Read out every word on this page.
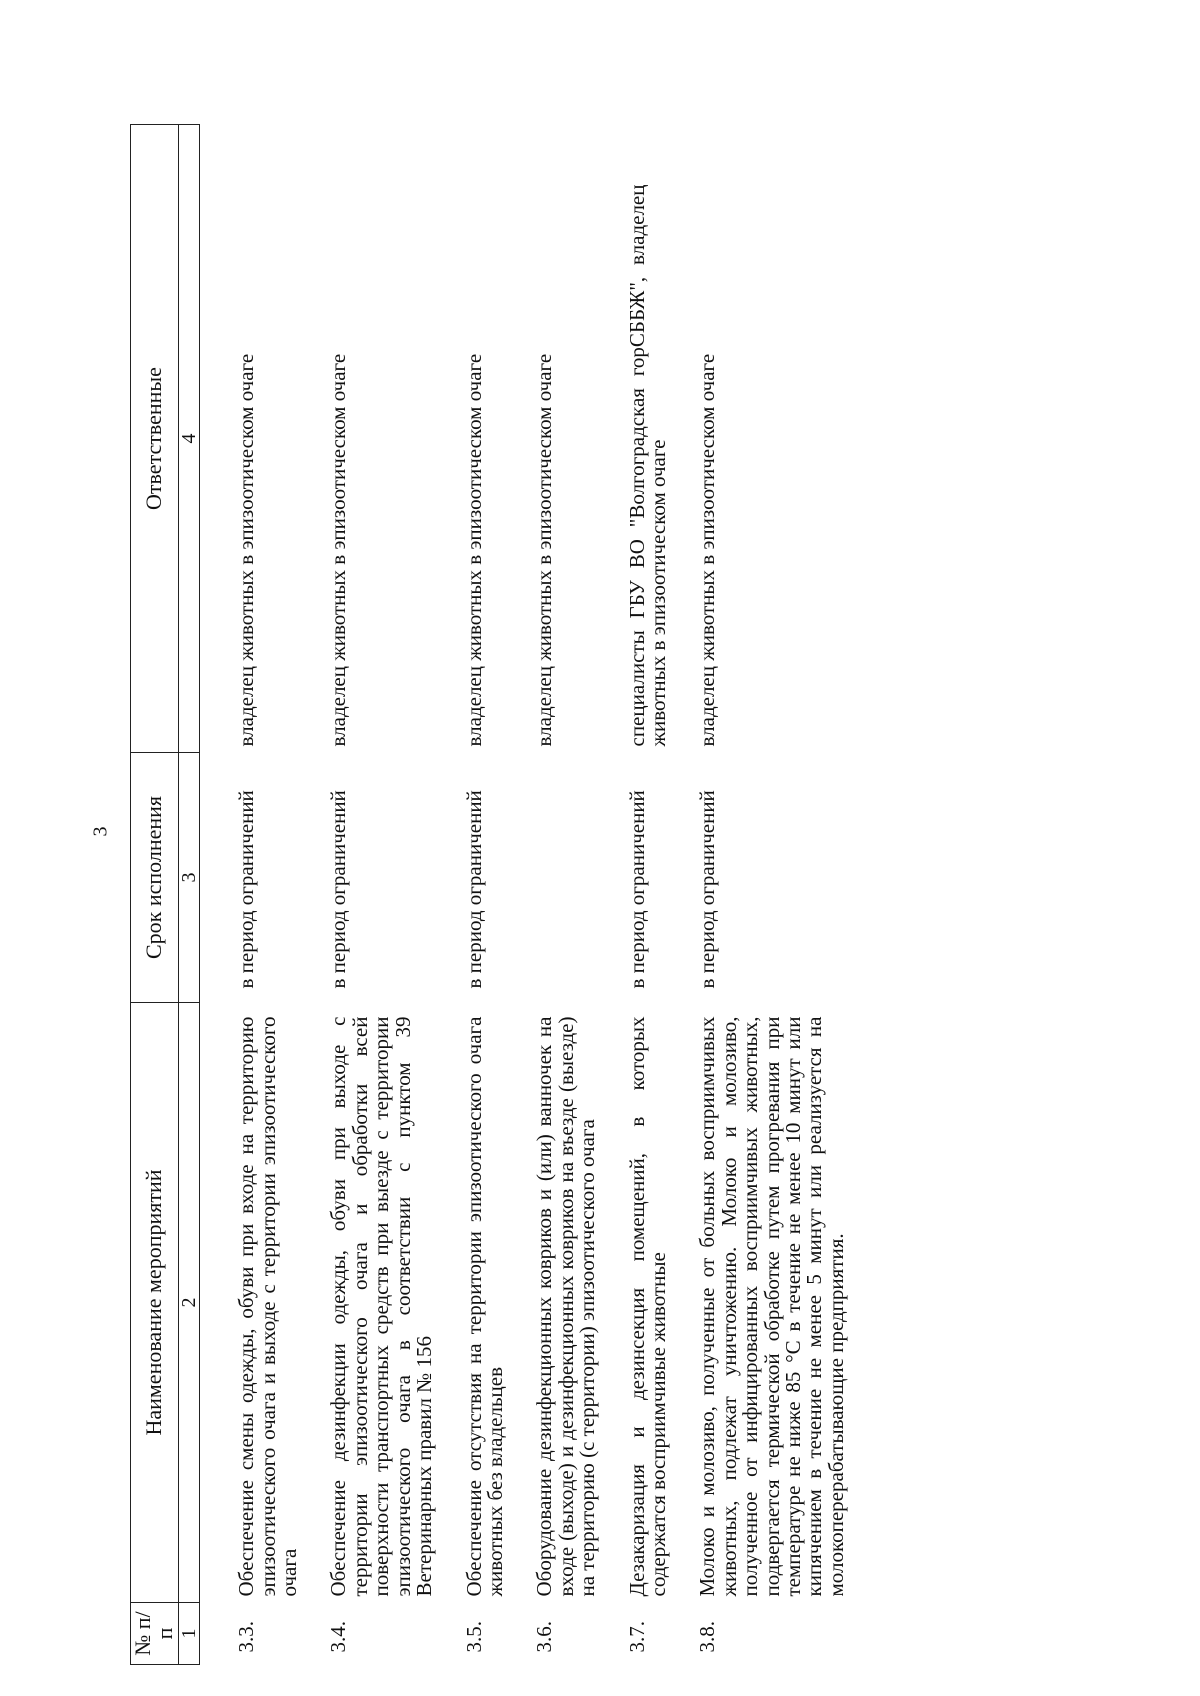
3
№ п/п	Наименование мероприятий	Срок исполнения	Ответственные
1	2	3	4
3.3.	Обеспечение смены одежды, обуви при входе на территорию эпизоотического очага и выходе с территории эпизоотического очага	в период ограничений	владелец животных в эпизоотическом очаге
3.4.	Обеспечение дезинфекции одежды, обуви при выходе с территории эпизоотического очага и обработки всей поверхности транспортных средств при выезде с территории эпизоотического очага в соответствии с пунктом 39 Ветеринарных правил № 156	в период ограничений	владелец животных в эпизоотическом очаге
3.5.	Обеспечение отсутствия на территории эпизоотического очага животных без владельцев	в период ограничений	владелец животных в эпизоотическом очаге
3.6.	Оборудование дезинфекционных ковриков и (или) ванночек на входе (выходе) и дезинфекционных ковриков на въезде (выезде) на территорию (с территории) эпизоотического очага		владелец животных в эпизоотическом очаге
3.7.	Дезакаризация и дезинсекция помещений, в которых содержатся восприимчивые животные	в период ограничений	специалисты ГБУ ВО "Волгоградская горСББЖ", владелец животных в эпизоотическом очаге
3.8.	Молоко и молозиво, полученные от больных восприимчивых животных, подлежат уничтожению. Молоко и молозиво, полученное от инфицированных восприимчивых животных, подвергается термической обработке путем прогревания при температуре не ниже 85 °С в течение не менее 10 минут или кипячением в течение не менее 5 минут или реализуется на молокоперерабатывающие предприятия.	в период ограничений	владелец животных в эпизоотическом очаге
